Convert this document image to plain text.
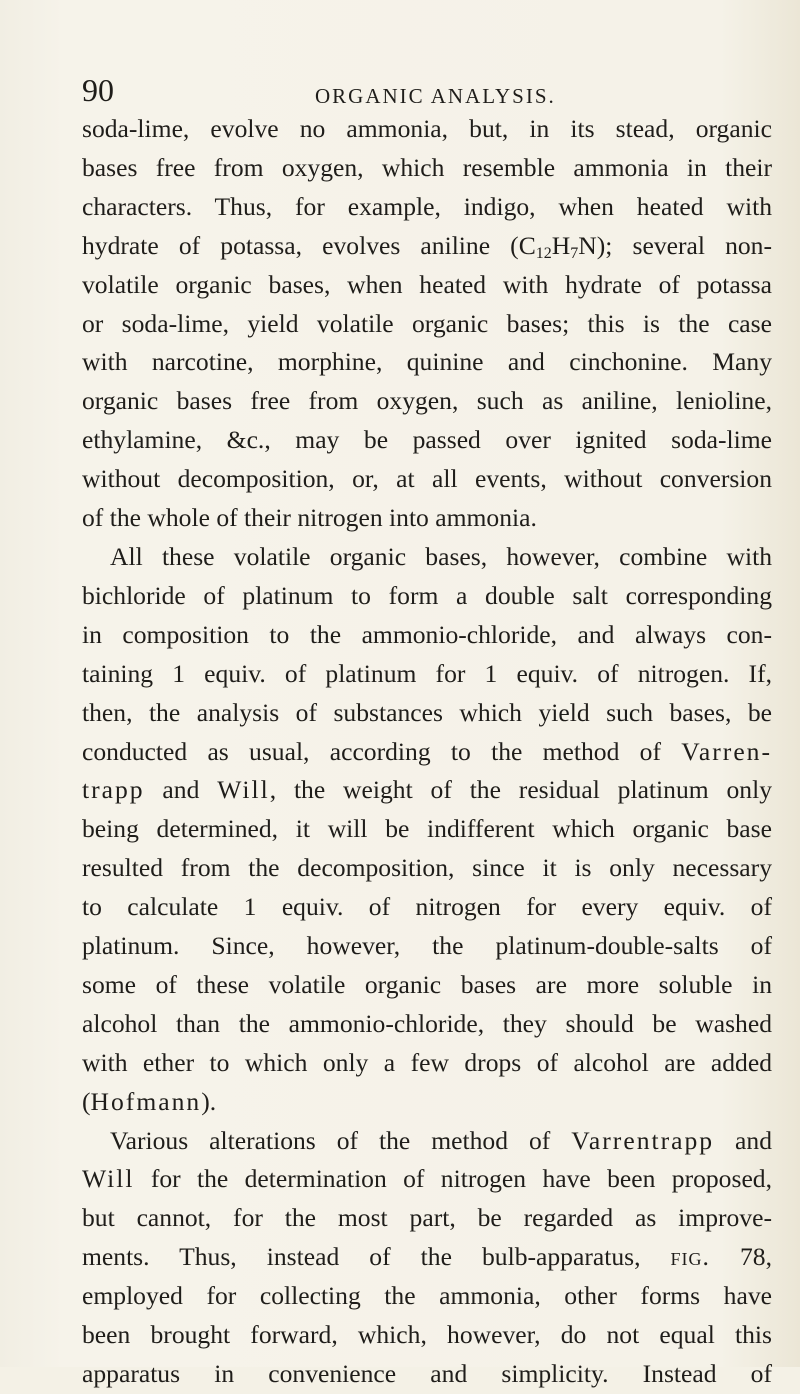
90	ORGANIC ANALYSIS.
soda-lime, evolve no ammonia, but, in its stead, organic
bases free from oxygen, which resemble ammonia in their
characters. Thus, for example, indigo, when heated with
hydrate of potassa, evolves aniline $(C_{12}H_7N)$; several non-
volatile organic bases, when heated with hydrate of potassa
or soda-lime, yield volatile organic bases; this is the case
with narcotine, morphine, quinine and cinchonine. Many
organic bases free from oxygen, such as aniline, lenioline,
ethylamine, &c., may be passed over ignited soda-lime
without decomposition, or, at all events, without conversion
of the whole of their nitrogen into ammonia.
All these volatile organic bases, however, combine with
bichloride of platinum to form a double salt corresponding
in composition to the ammonio-chloride, and always con-
taining 1 equiv. of platinum for 1 equiv. of nitrogen. If,
then, the analysis of substances which yield such bases, be
conducted as usual, according to the method of Varren-
trapp and Will, the weight of the residual platinum only
being determined, it will be indifferent which organic base
resulted from the decomposition, since it is only necessary
to calculate 1 equiv. of nitrogen for every equiv. of
platinum. Since, however, the platinum-double-salts of
some of these volatile organic bases are more soluble in
alcohol than the ammonio-chloride, they should be washed
with ether to which only a few drops of alcohol are added
(Hofmann).
Various alterations of the method of Varrentrapp and
Will for the determination of nitrogen have been proposed,
but cannot, for the most part, be regarded as improve-
ments. Thus, instead of the bulb-apparatus, fig. 78,
employed for collecting the ammonia, other forms have
been brought forward, which, however, do not equal this
apparatus in convenience and simplicity. Instead of
